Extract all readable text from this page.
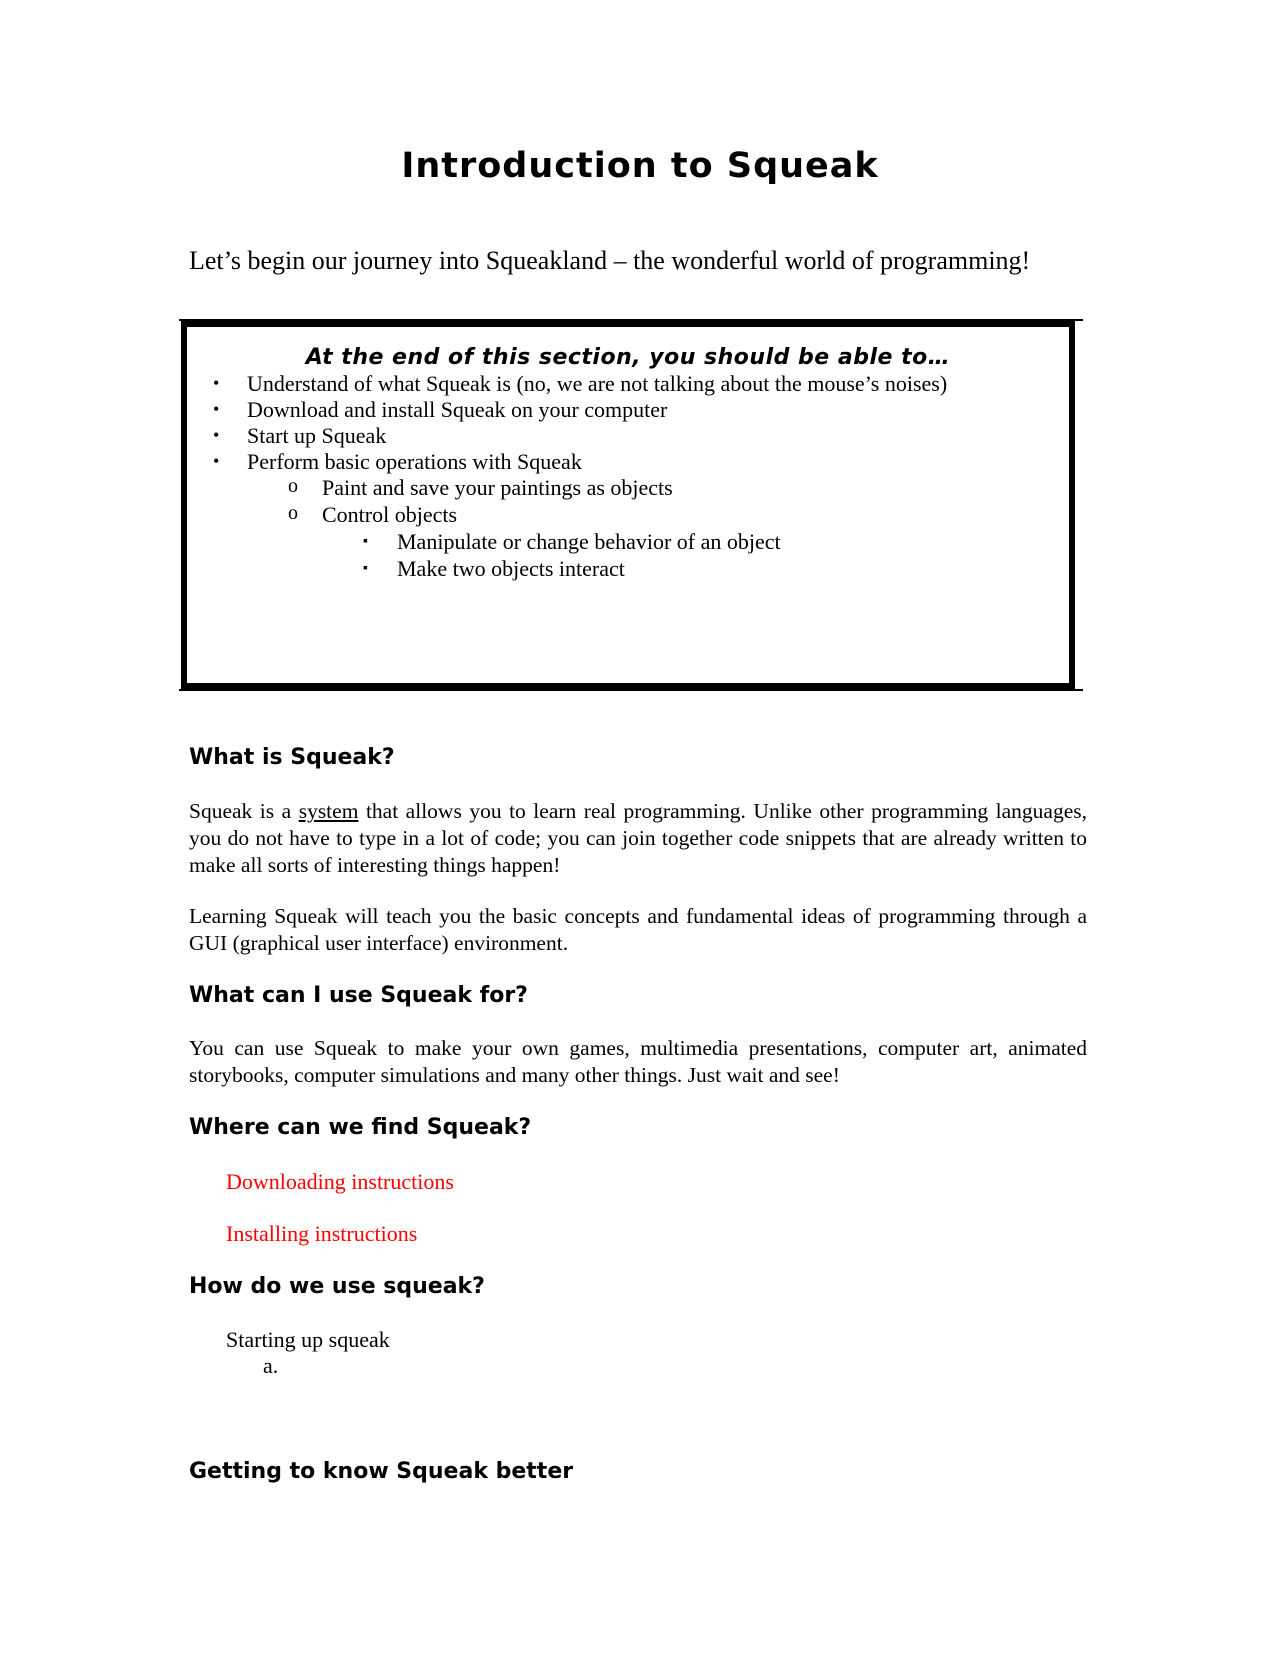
Introduction to Squeak

Let’s begin our journey into Squeakland – the wonderful world of programming!

At the end of this section, you should be able to…

• Understand of what Squeak is (no, we are not talking about the mouse’s noises)
• Download and install Squeak on your computer
• Start up Squeak
• Perform basic operations with Squeak
o Paint and save your paintings as objects
o Control objects
▪ Manipulate or change behavior of an object
▪ Make two objects interact
What is Squeak?

Squeak is a system that allows you to learn real programming. Unlike other programming languages, you do not have to type in a lot of code; you can join together code snippets that are already written to make all sorts of interesting things happen!

Learning Squeak will teach you the basic concepts and fundamental ideas of programming through a GUI (graphical user interface) environment.

What can I use Squeak for?

You can use Squeak to make your own games, multimedia presentations, computer art, animated storybooks, computer simulations and many other things. Just wait and see!

Where can we find Squeak?
Downloading instructions
Installing instructions
How do we use squeak?
Starting up squeak
a.
Getting to know Squeak better
